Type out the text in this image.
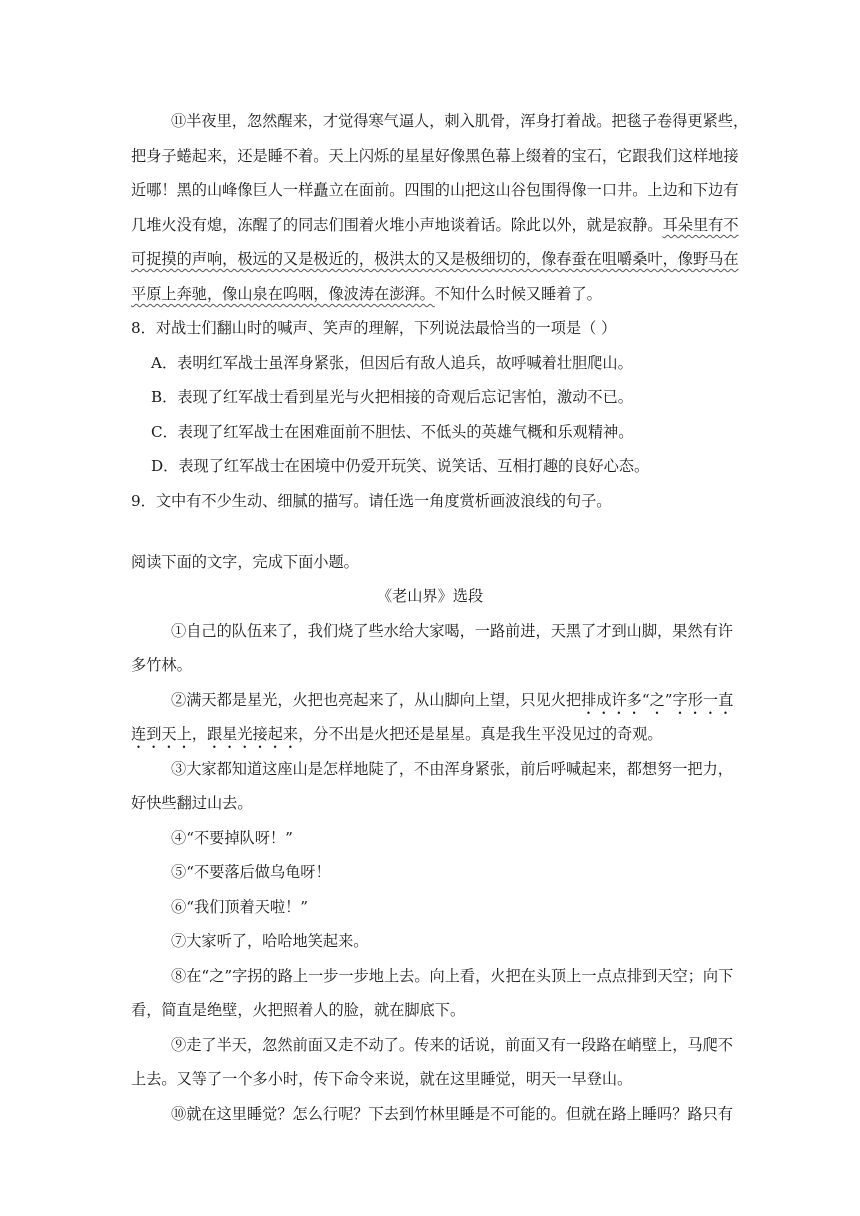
⑪半夜里，忽然醒来，才觉得寒气逼人，刺入肌骨，浑身打着战。把毯子卷得更紧些，
把身子蜷起来，还是睡不着。天上闪烁的星星好像黑色幕上缀着的宝石，它跟我们这样地接
近哪！黑的山峰像巨人一样矗立在面前。四围的山把这山谷包围得像一口井。上边和下边有
几堆火没有熄，冻醒了的同志们围着火堆小声地谈着话。除此以外，就是寂静。耳朵里有不
可捉摸的声响，极远的又是极近的，极洪太的又是极细切的，像春蚕在咀嚼桑叶，像野马在
平原上奔驰，像山泉在呜咽，像波涛在澎湃。不知什么时候又睡着了。
8．对战士们翻山时的喊声、笑声的理解，下列说法最恰当的一项是（ ）
A．表明红军战士虽浑身紧张，但因后有敌人追兵，故呼喊着壮胆爬山。
B．表现了红军战士看到星光与火把相接的奇观后忘记害怕，激动不已。
C．表现了红军战士在困难面前不胆怯、不低头的英雄气概和乐观精神。
D．表现了红军战士在困境中仍爱开玩笑、说笑话、互相打趣的良好心态。
9．文中有不少生动、细腻的描写。请任选一角度赏析画波浪线的句子。
阅读下面的文字，完成下面小题。
《老山界》选段
①自己的队伍来了，我们烧了些水给大家喝，一路前进，天黑了才到山脚，果然有许
多竹林。
②满天都是星光，火把也亮起来了，从山脚向上望，只见火把排成许多“之”字形一直
连到天上，跟星光接起来，分不出是火把还是星星。真是我生平没见过的奇观。
③大家都知道这座山是怎样地陡了，不由浑身紧张，前后呼喊起来，都想努一把力，
好快些翻过山去。
④“不要掉队呀！”
⑤“不要落后做乌龟呀！
⑥“我们顶着天啦！”
⑦大家听了，哈哈地笑起来。
⑧在“之”字拐的路上一步一步地上去。向上看，火把在头顶上一点点排到天空；向下
看，简直是绝壁，火把照着人的脸，就在脚底下。
⑨走了半天，忽然前面又走不动了。传来的话说，前面又有一段路在峭壁上，马爬不
上去。又等了一个多小时，传下命令来说，就在这里睡觉，明天一早登山。
⑩就在这里睡觉？怎么行呢？下去到竹林里睡是不可能的。但就在路上睡吗？路只有
